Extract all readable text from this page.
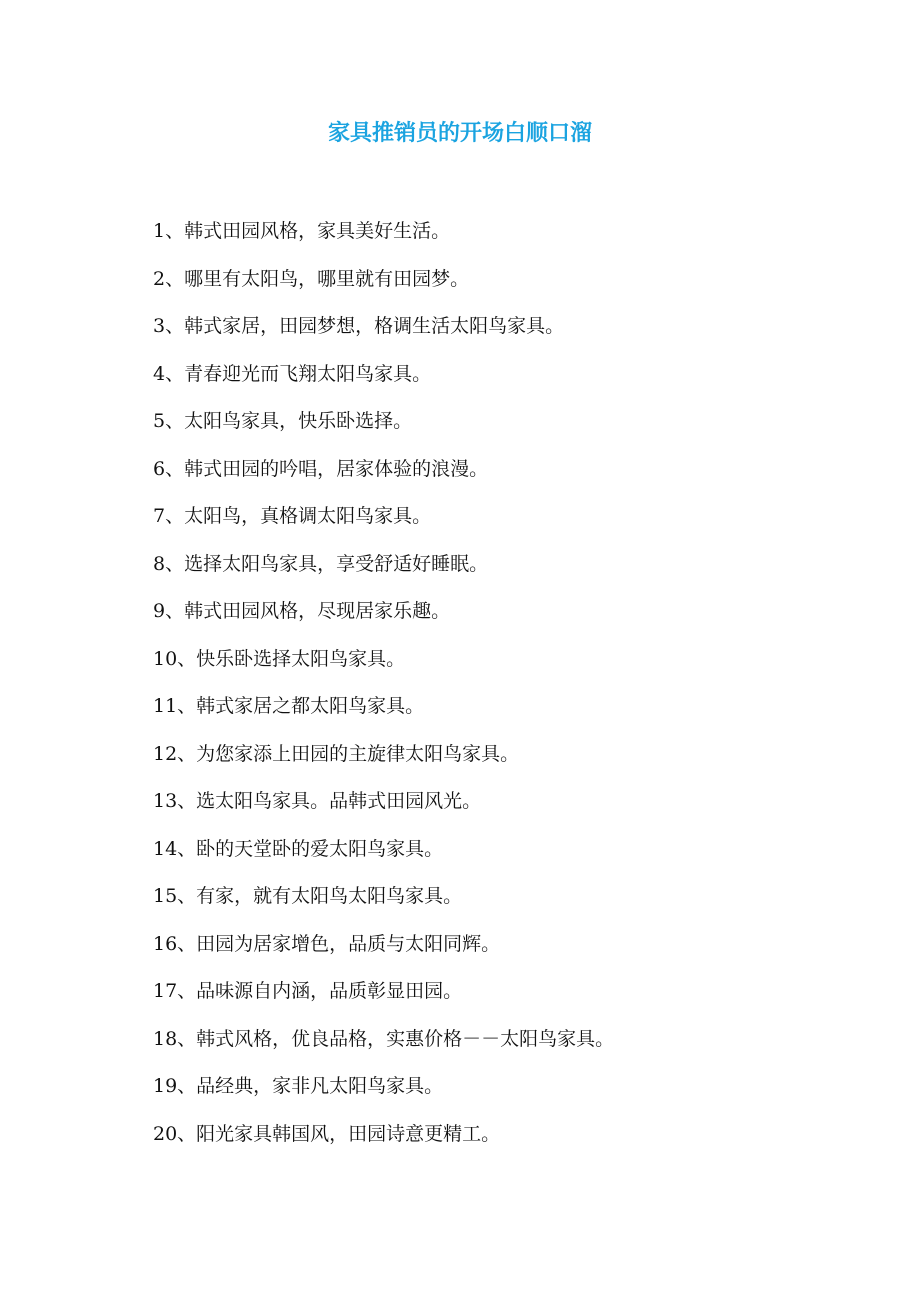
家具推销员的开场白顺口溜
1、韩式田园风格，家具美好生活。
2、哪里有太阳鸟，哪里就有田园梦。
3、韩式家居，田园梦想，格调生活太阳鸟家具。
4、青春迎光而飞翔太阳鸟家具。
5、太阳鸟家具，快乐卧选择。
6、韩式田园的吟唱，居家体验的浪漫。
7、太阳鸟，真格调太阳鸟家具。
8、选择太阳鸟家具，享受舒适好睡眠。
9、韩式田园风格，尽现居家乐趣。
10、快乐卧选择太阳鸟家具。
11、韩式家居之都太阳鸟家具。
12、为您家添上田园的主旋律太阳鸟家具。
13、选太阳鸟家具。品韩式田园风光。
14、卧的天堂卧的爱太阳鸟家具。
15、有家，就有太阳鸟太阳鸟家具。
16、田园为居家增色，品质与太阳同辉。
17、品味源自内涵，品质彰显田园。
18、韩式风格，优良品格，实惠价格－－太阳鸟家具。
19、品经典，家非凡太阳鸟家具。
20、阳光家具韩国风，田园诗意更精工。
